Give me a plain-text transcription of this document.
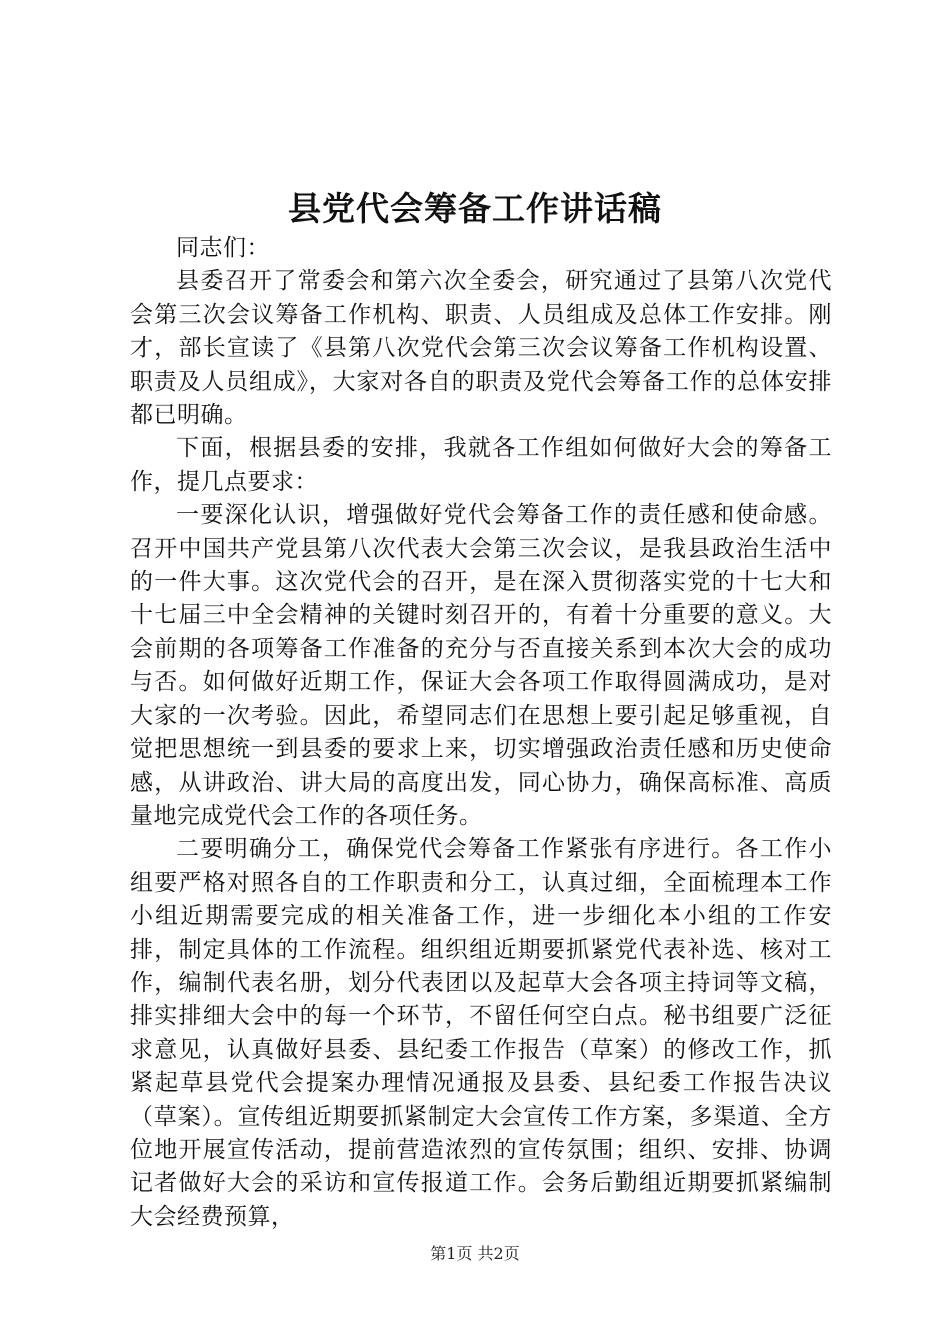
县党代会筹备工作讲话稿

同志们：

县委召开了常委会和第六次全委会，研究通过了县第八次党代会第三次会议筹备工作机构、职责、人员组成及总体工作安排。刚才，部长宣读了《县第八次党代会第三次会议筹备工作机构设置、职责及人员组成》，大家对各自的职责及党代会筹备工作的总体安排都已明确。

下面，根据县委的安排，我就各工作组如何做好大会的筹备工作，提几点要求：

一要深化认识，增强做好党代会筹备工作的责任感和使命感。召开中国共产党县第八次代表大会第三次会议，是我县政治生活中的一件大事。这次党代会的召开，是在深入贯彻落实党的十七大和十七届三中全会精神的关键时刻召开的，有着十分重要的意义。大会前期的各项筹备工作准备的充分与否直接关系到本次大会的成功与否。如何做好近期工作，保证大会各项工作取得圆满成功，是对大家的一次考验。因此，希望同志们在思想上要引起足够重视，自觉把思想统一到县委的要求上来，切实增强政治责任感和历史使命感，从讲政治、讲大局的高度出发，同心协力，确保高标准、高质量地完成党代会工作的各项任务。

二要明确分工，确保党代会筹备工作紧张有序进行。各工作小组要严格对照各自的工作职责和分工，认真过细，全面梳理本工作小组近期需要完成的相关准备工作，进一步细化本小组的工作安排，制定具体的工作流程。组织组近期要抓紧党代表补选、核对工作，编制代表名册，划分代表团以及起草大会各项主持词等文稿，排实排细大会中的每一个环节，不留任何空白点。秘书组要广泛征求意见，认真做好县委、县纪委工作报告（草案）的修改工作，抓紧起草县党代会提案办理情况通报及县委、县纪委工作报告决议（草案）。宣传组近期要抓紧制定大会宣传工作方案，多渠道、全方位地开展宣传活动，提前营造浓烈的宣传氛围；组织、安排、协调记者做好大会的采访和宣传报道工作。会务后勤组近期要抓紧编制大会经费预算，

第1页 共2页
